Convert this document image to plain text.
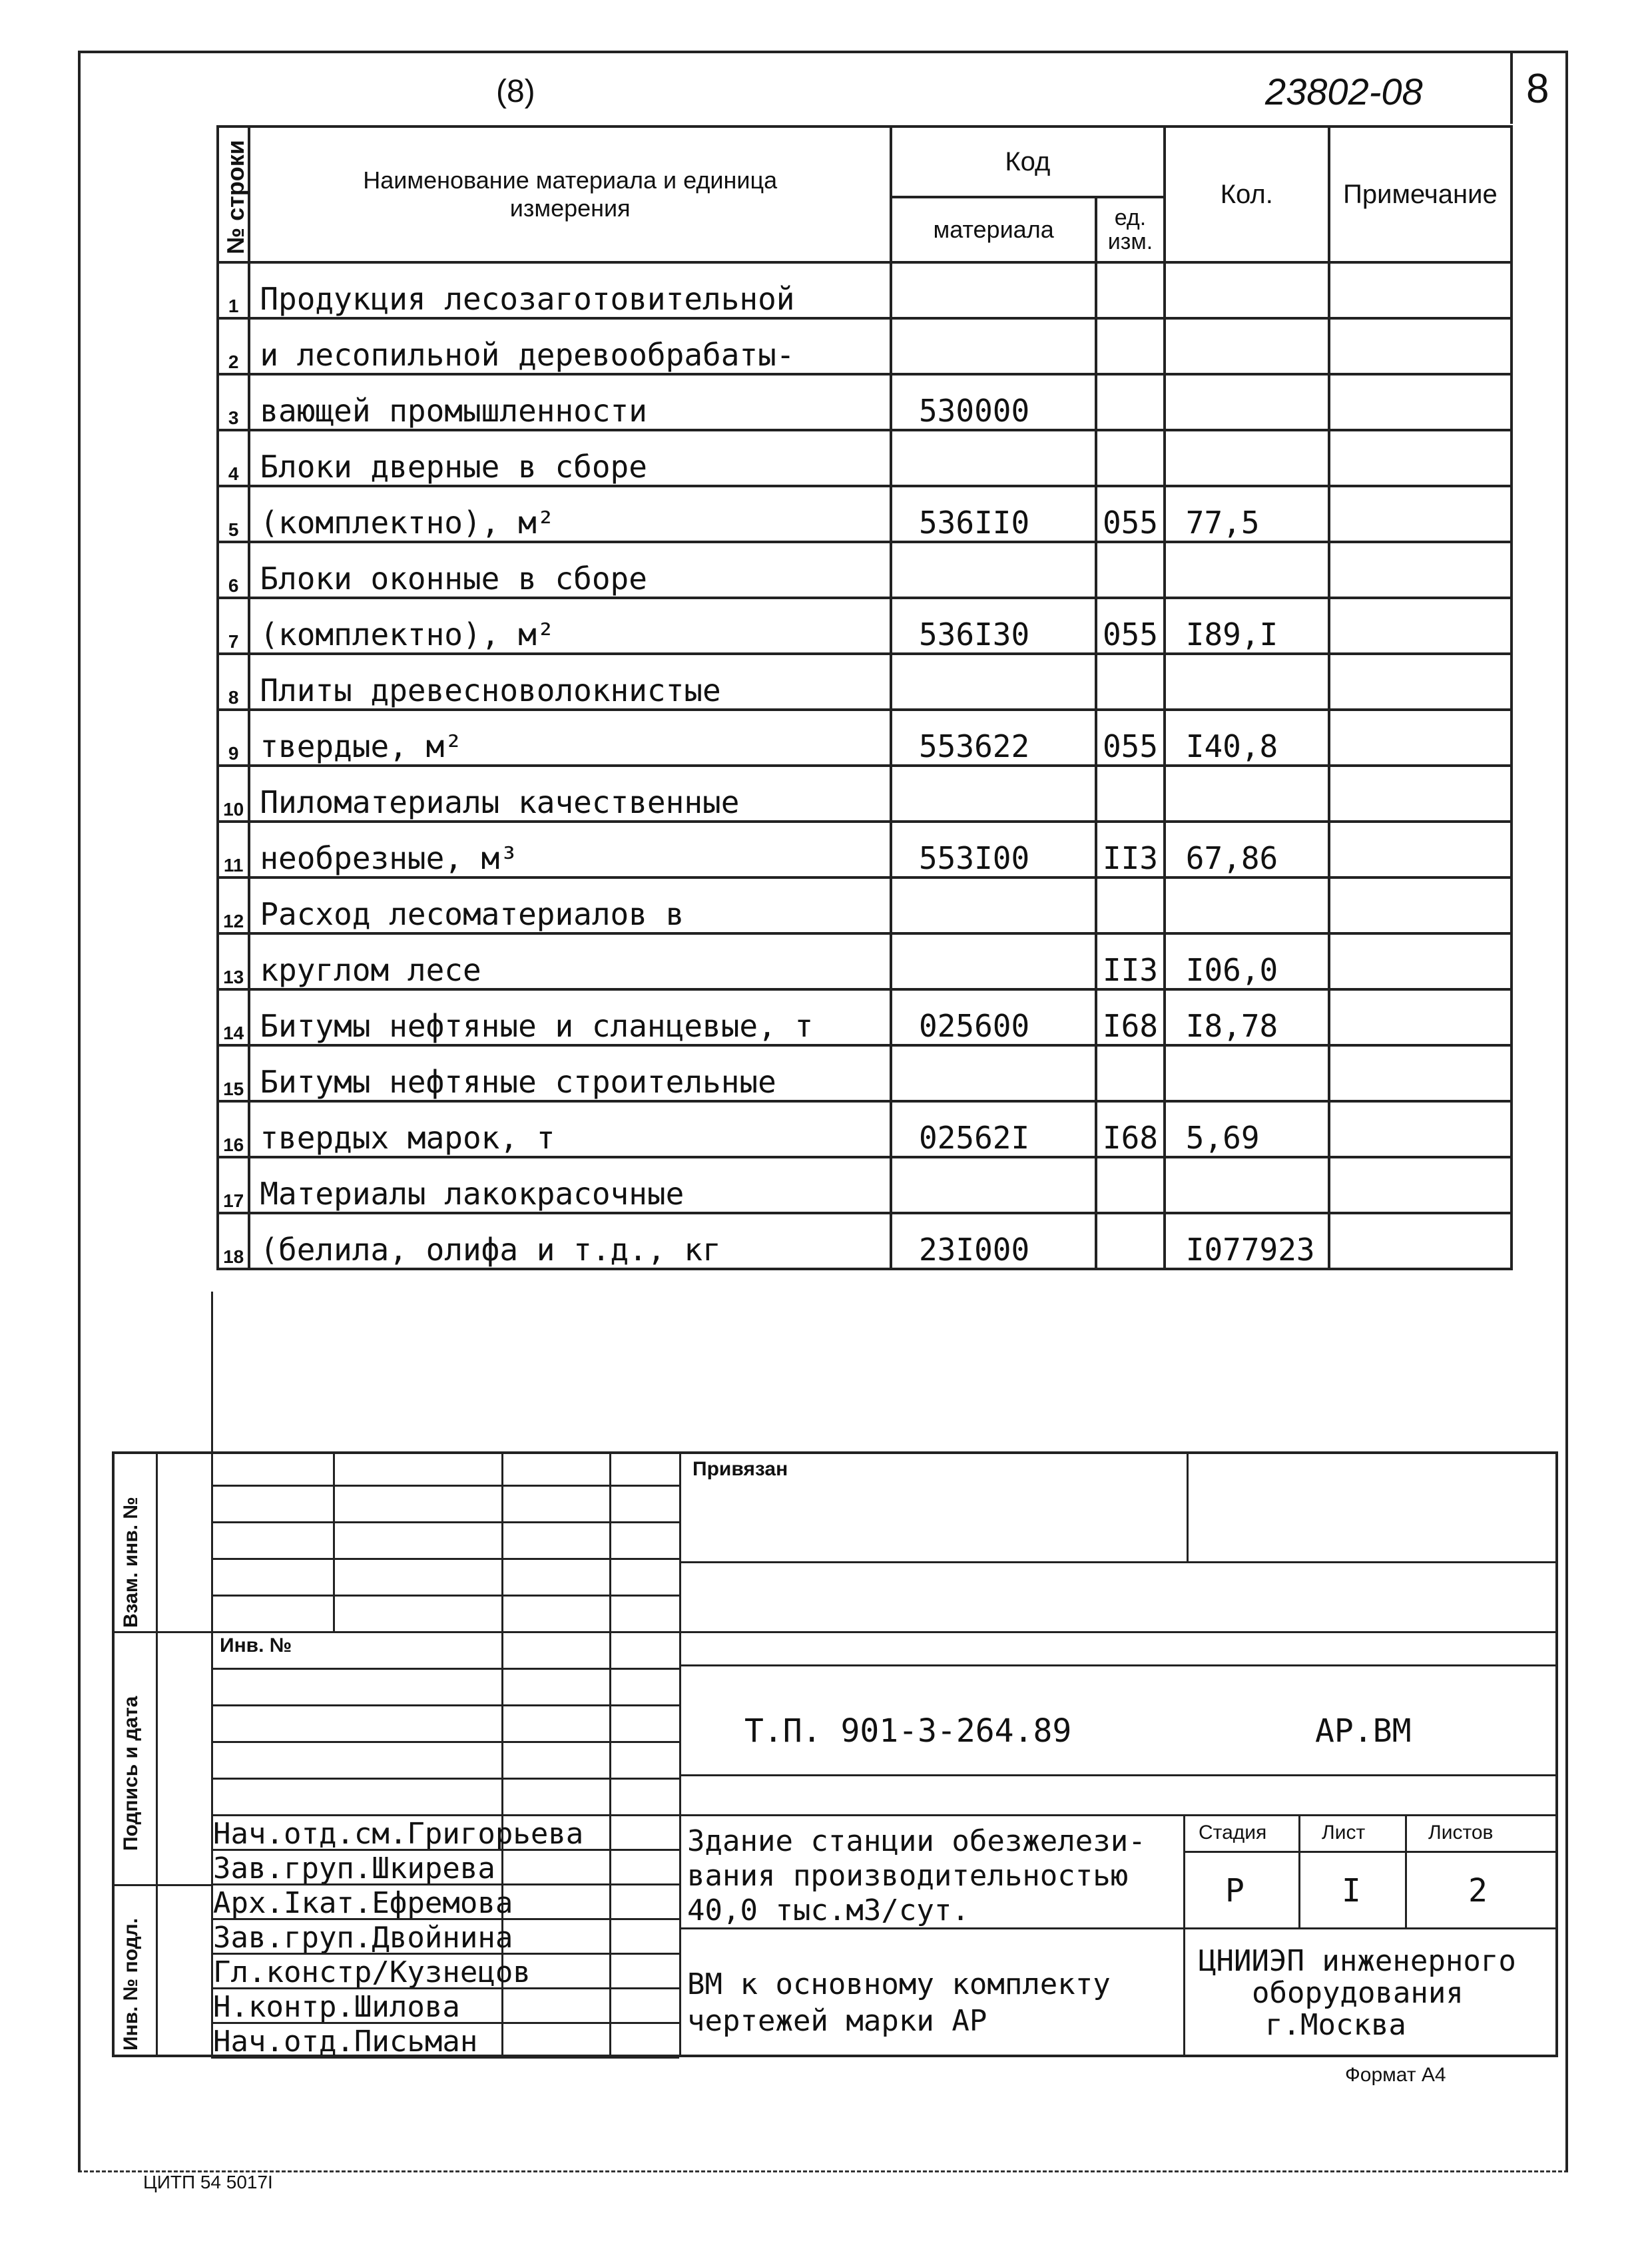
(8)	23802-08	8
№ строки	Наименование материала и единица измерения	Код		Кол.	Примечание
		материала	ед. изм.		
1	Продукция лесозаготовительной				
2	и лесопильной деревообрабаты-				
3	вающей промышленности	530000			
4	Блоки дверные в сборе				
5	(комплектно), м²	536II0	055	77,5	
6	Блоки оконные в сборе				
7	(комплектно), м²	536I30	055	I89,I	
8	Плиты древесноволокнистые				
9	твердые, м²	553622	055	I40,8	
10	Пиломатериалы качественные				
11	необрезные, м³	553I00	II3	67,86	
12	Расход лесоматериалов в				
13	круглом лесе		II3	I06,0	
14	Битумы нефтяные и сланцевые, т	025600	I68	I8,78	
15	Битумы нефтяные строительные				
16	твердых марок, т	02562I	I68	5,69	
17	Материалы лакокрасочные				
18	(белила, олифа и т.д., кг	23I000		I077923	
Взам. инв. №
Подпись и дата
Инв. № подл.
Инв. №
Привязан
Т.П. 901-3-264.89	АР.ВМ
Нач.отд.см.Григорьева
Зав.груп.Шкирева
Арх.Iкат.Ефремова
Зав.груп.Двойнина
Гл.констр/Кузнецов
Н.контр.Шилова
Нач.отд.Письман
Здание станции обезжелези-
вания производительностью
40,0 тыс.м3/сут.
Стадия	Лист	Листов
Р	I	2
ВМ к основному комплекту
чертежей марки АР
ЦНИИЭП инженерного
оборудования
г.Москва
Формат А4
ЦИТП 54 5017I
